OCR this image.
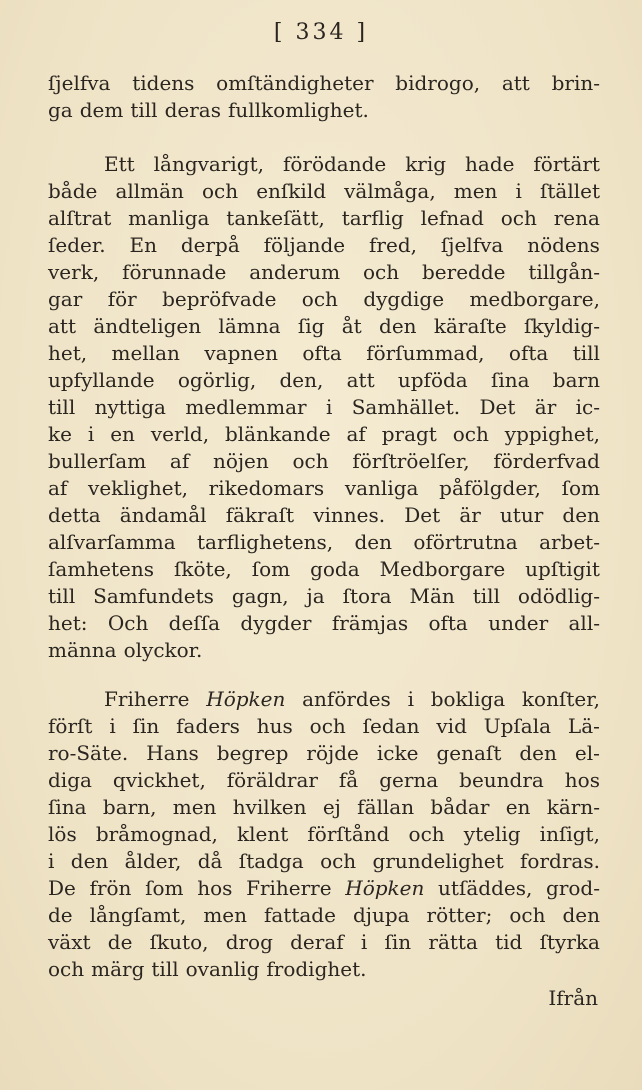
[ 334 ]
ſjelfva tidens omſtändigheter bidrogo, att brin-
ga dem till deras fullkomlighet.
Ett långvarigt, förödande krig hade förtärt
både allmän och enſkild välmåga, men i ſtället
alſtrat manliga tankeſätt, tarflig lefnad och rena
ſeder. En derpå följande fred, ſjelfva nödens
verk, förunnade anderum och beredde tillgån-
gar för bepröfvade och dygdige medborgare,
att ändteligen lämna ſig åt den käraſte ſkyldig-
het, mellan vapnen ofta förſummad, ofta till
upfyllande ogörlig, den, att upföda ſina barn
till nyttiga medlemmar i Samhället. Det är ic-
ke i en verld, blänkande af pragt och yppighet,
bullerſam af nöjen och förſtröelſer, förderfvad
af veklighet, rikedomars vanliga påfölgder, ſom
detta ändamål fäkraſt vinnes. Det är utur den
alſvarſamma tarflighetens, den oförtrutna arbet-
ſamhetens ſköte, ſom goda Medborgare upſtigit
till Samfundets gagn, ja ſtora Män till odödlig-
het: Och deſſa dygder främjas ofta under all-
männa olyckor.
Friherre Höpken anfördes i bokliga konſter,
förſt i ſin faders hus och ſedan vid Upſala Lä-
ro-Säte. Hans begrep röjde icke genaſt den el-
diga qvickhet, föräldrar få gerna beundra hos
ſina barn, men hvilken ej fällan bådar en kärn-
lös bråmognad, klent förſtånd och ytelig inſigt,
i den ålder, då ſtadga och grundelighet fordras.
De frön ſom hos Friherre Höpken utſäddes, grod-
de långſamt, men fattade djupa rötter; och den
växt de ſkuto, drog deraf i ſin rätta tid ſtyrka
och märg till ovanlig frodighet.
Ifrån
